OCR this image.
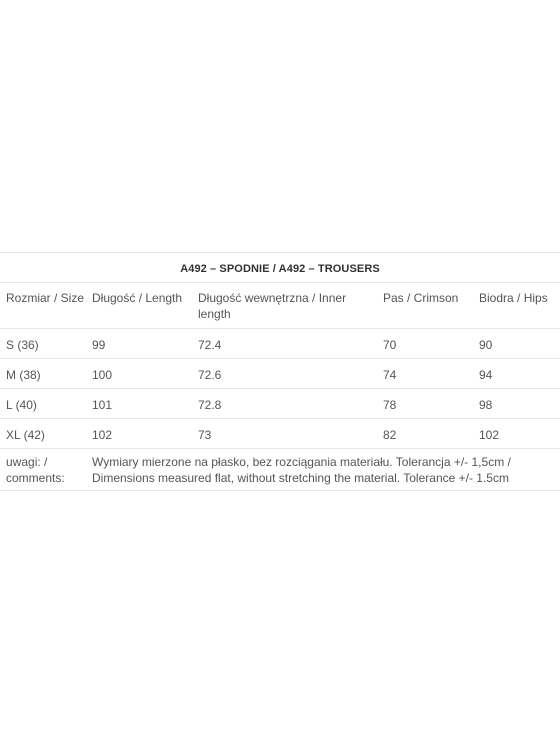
A492 – SPODNIE / A492 – TROUSERS				
Rozmiar / Size	Długość / Length	Długość wewnętrzna / Inner length	Pas / Crimson	Biodra / Hips
S (36)	99	72.4	70	90
M (38)	100	72.6	74	94
L (40)	101	72.8	78	98
XL (42)	102	73	82	102
uwagi: / comments:	Wymiary mierzone na płasko, bez rozciągania materiału. Tolerancja +/- 1,5cm / Dimensions measured flat, without stretching the material. Tolerance +/- 1.5cm			
